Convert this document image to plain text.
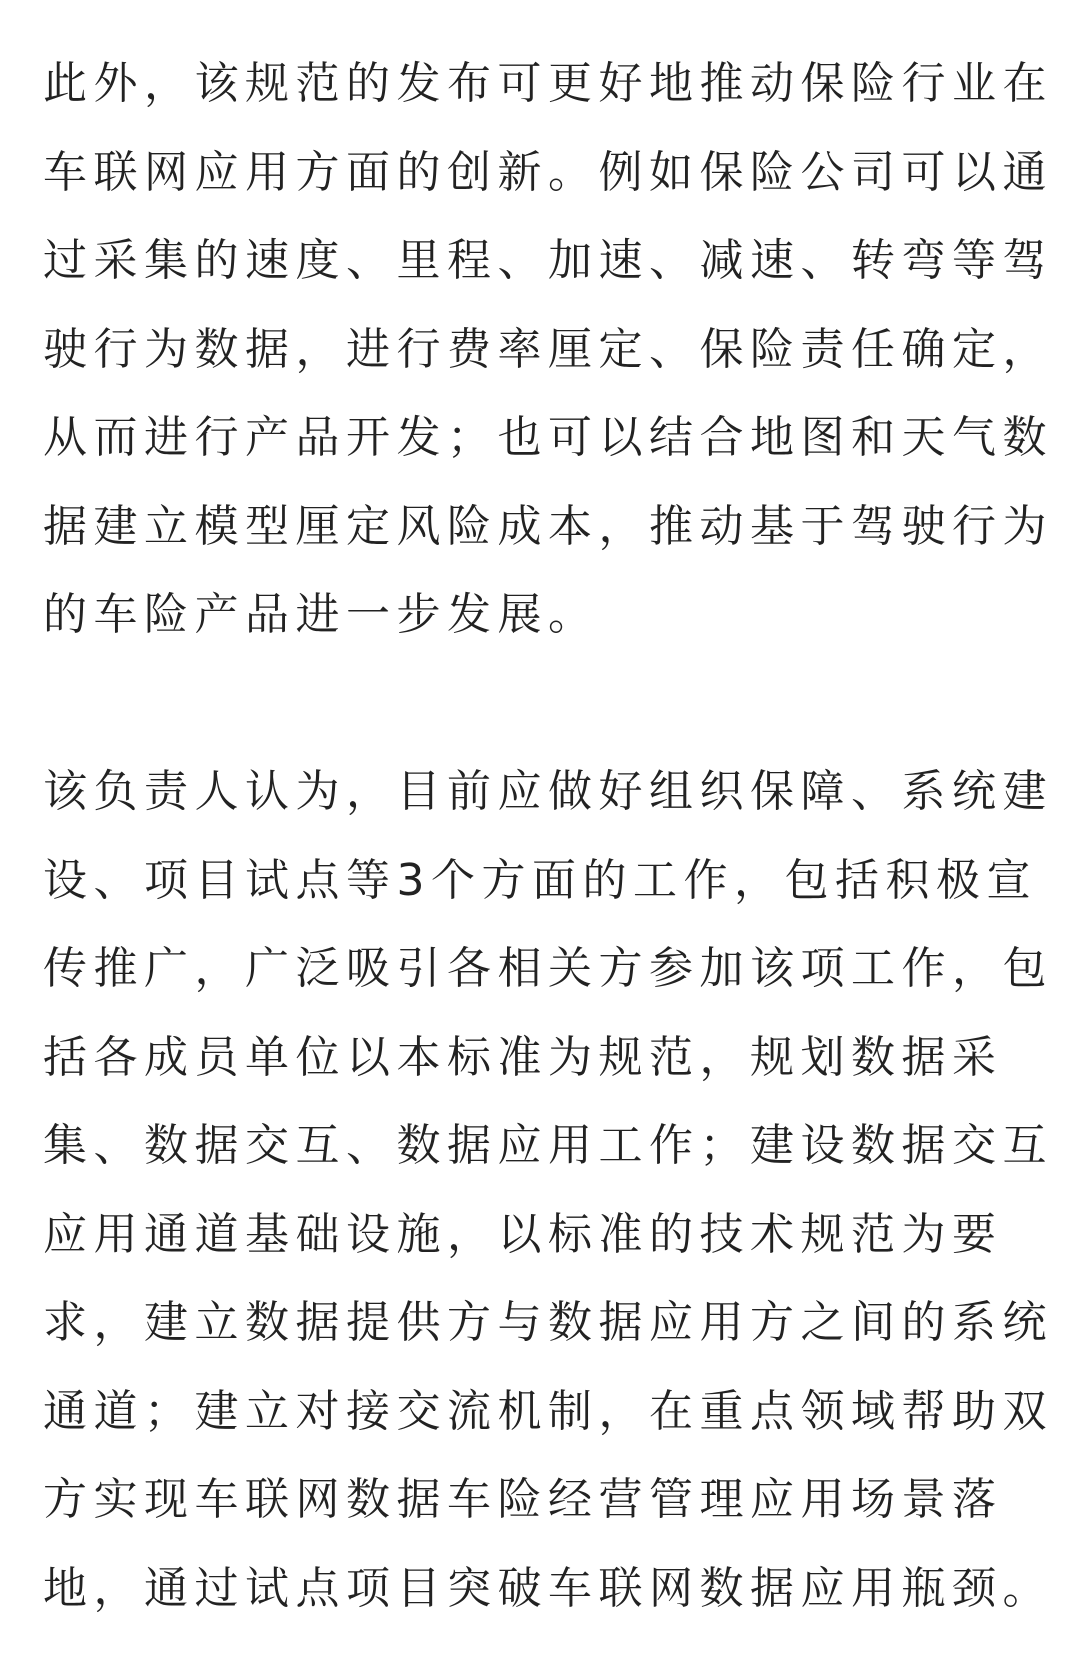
此外，该规范的发布可更好地推动保险行业在
车联网应用方面的创新。例如保险公司可以通
过采集的速度、里程、加速、减速、转弯等驾
驶行为数据，进行费率厘定、保险责任确定，
从而进行产品开发；也可以结合地图和天气数
据建立模型厘定风险成本，推动基于驾驶行为
的车险产品进一步发展。

该负责人认为，目前应做好组织保障、系统建
设、项目试点等3个方面的工作，包括积极宣
传推广，广泛吸引各相关方参加该项工作，包
括各成员单位以本标准为规范，规划数据采
集、数据交互、数据应用工作；建设数据交互
应用通道基础设施，以标准的技术规范为要
求，建立数据提供方与数据应用方之间的系统
通道；建立对接交流机制，在重点领域帮助双
方实现车联网数据车险经营管理应用场景落
地，通过试点项目突破车联网数据应用瓶颈。
